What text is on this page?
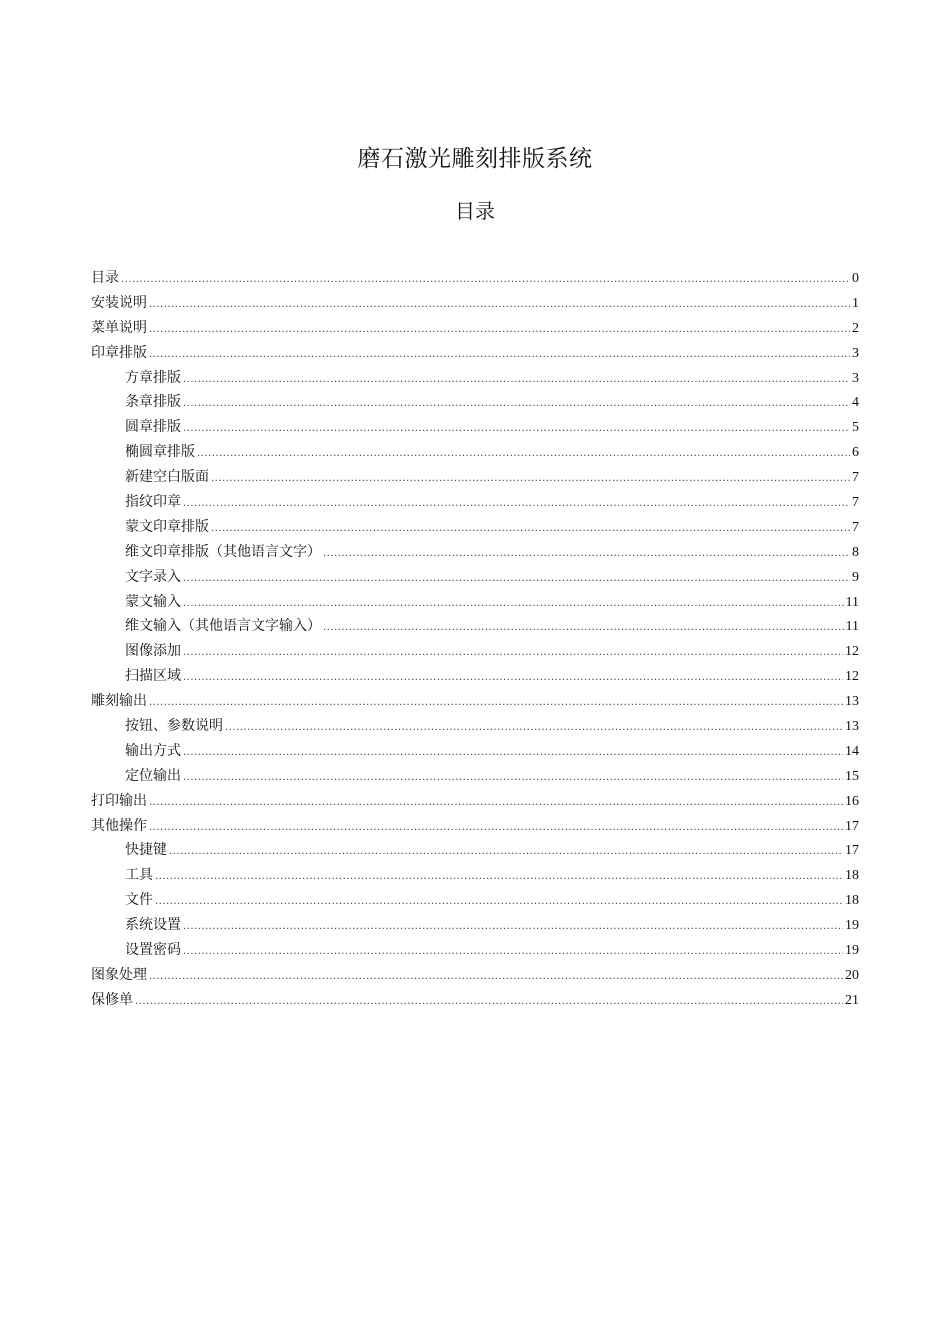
磨石激光雕刻排版系统
目录
目录 .....	0
安装说明 .....	1
菜单说明 .....	2
印章排版 .....	3
方章排版 .....	3
条章排版 .....	4
圆章排版 .....	5
椭圆章排版 .....	6
新建空白版面 .....	7
指纹印章 .....	7
蒙文印章排版 .....	7
维文印章排版（其他语言文字） .....	8
文字录入 .....	9
蒙文输入 .....	11
维文输入（其他语言文字输入） .....	11
图像添加 .....	12
扫描区域 .....	12
雕刻输出 .....	13
按钮、参数说明 .....	13
输出方式 .....	14
定位输出 .....	15
打印输出 .....	16
其他操作 .....	17
快捷键 .....	17
工具 .....	18
文件 .....	18
系统设置 .....	19
设置密码 .....	19
图象处理 .....	20
保修单 .....	21
